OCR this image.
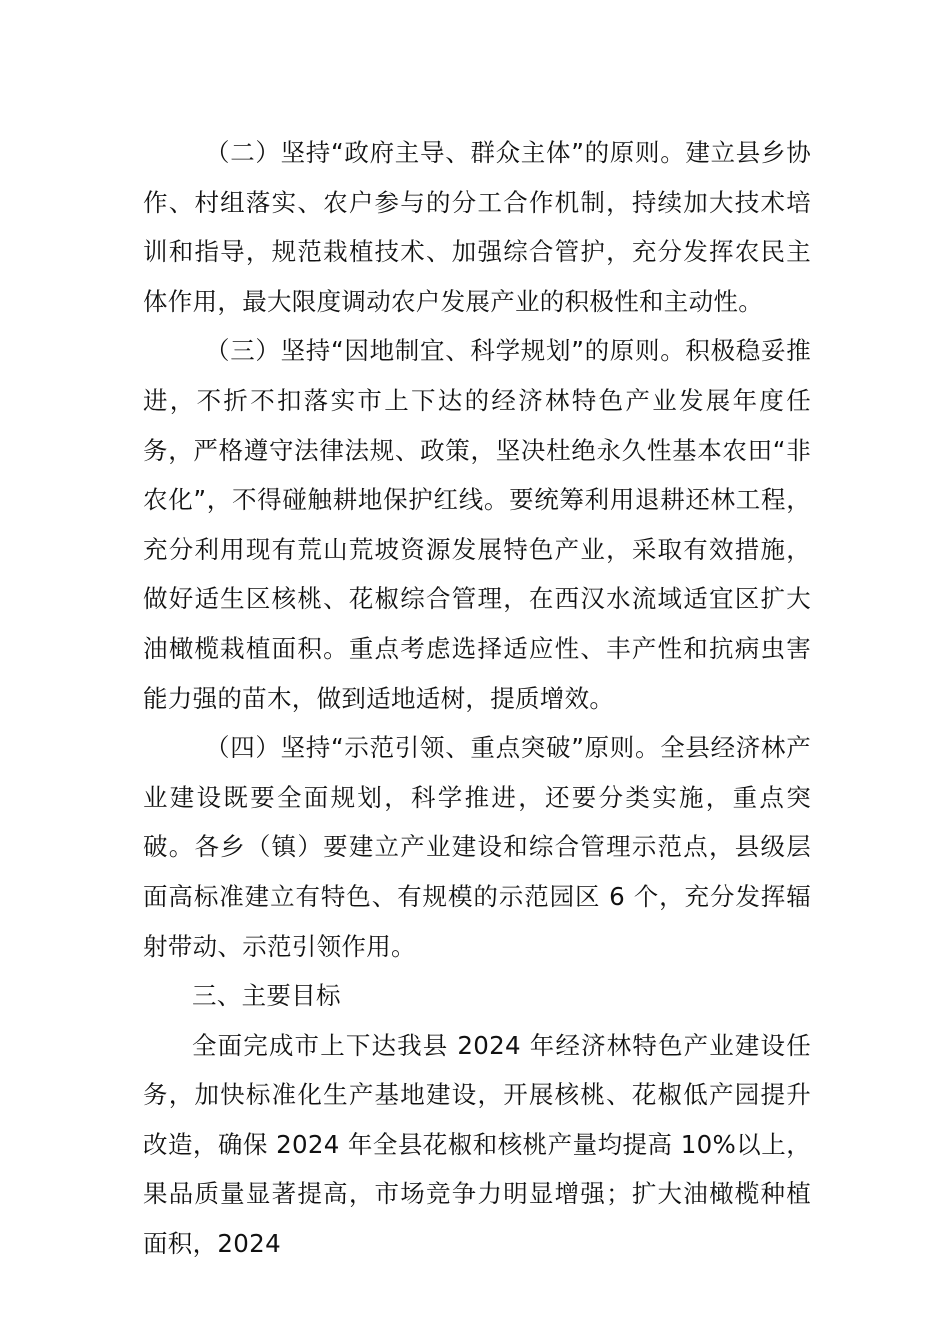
（二）坚持“政府主导、群众主体”的原则。建立县乡协作、村组落实、农户参与的分工合作机制，持续加大技术培训和指导，规范栽植技术、加强综合管护，充分发挥农民主体作用，最大限度调动农户发展产业的积极性和主动性。

（三）坚持“因地制宜、科学规划”的原则。积极稳妥推进，不折不扣落实市上下达的经济林特色产业发展年度任务，严格遵守法律法规、政策，坚决杜绝永久性基本农田“非农化”，不得碰触耕地保护红线。要统筹利用退耕还林工程，充分利用现有荒山荒坡资源发展特色产业，采取有效措施，做好适生区核桃、花椒综合管理，在西汉水流域适宜区扩大油橄榄栽植面积。重点考虑选择适应性、丰产性和抗病虫害能力强的苗木，做到适地适树，提质增效。

（四）坚持“示范引领、重点突破”原则。全县经济林产业建设既要全面规划，科学推进，还要分类实施，重点突破。各乡（镇）要建立产业建设和综合管理示范点，县级层面高标准建立有特色、有规模的示范园区 6 个，充分发挥辐射带动、示范引领作用。

三、主要目标

全面完成市上下达我县 2024 年经济林特色产业建设任务，加快标准化生产基地建设，开展核桃、花椒低产园提升改造，确保 2024 年全县花椒和核桃产量均提高 10%以上，果品质量显著提高，市场竞争力明显增强；扩大油橄榄种植面积，2024
